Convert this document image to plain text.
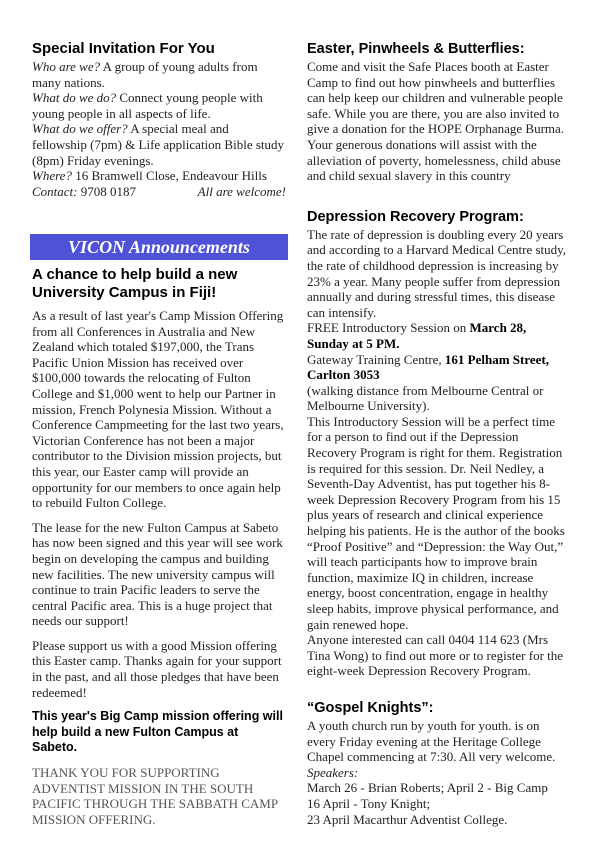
Special Invitation For You

Who are we? A group of young adults from many nations.

What do we do? Connect young people with young people in all aspects of life.

What do we offer? A special meal and fellowship (7pm) & Life application Bible study (8pm) Friday evenings.

Where? 16 Bramwell Close, Endeavour Hills

Contact: 9708 0187	All are welcome!

VICON Announcements
A chance to help build a new University Campus in Fiji!

As a result of last year's Camp Mission Offering from all Conferences in Australia and New Zealand which totaled $197,000, the Trans Pacific Union Mission has received over $100,000 towards the relocating of Fulton College and $1,000 went to help our Partner in mission, French Polynesia Mission. Without a Conference Campmeeting for the last two years, Victorian Conference has not been a major contributor to the Division mission projects, but this year, our Easter camp will provide an opportunity for our members to once again help to rebuild Fulton College.

The lease for the new Fulton Campus at Sabeto has now been signed and this year will see work begin on developing the campus and building new facilities. The new university campus will continue to train Pacific leaders to serve the central Pacific area. This is a huge project that needs our support!

Please support us with a good Mission offering this Easter camp. Thanks again for your support in the past, and all those pledges that have been redeemed!

This year's Big Camp mission offering will help build a new Fulton Campus at Sabeto.

THANK YOU FOR SUPPORTING ADVENTIST MISSION IN THE SOUTH PACIFIC THROUGH THE SABBATH CAMP MISSION OFFERING.

Easter, Pinwheels & Butterflies:

Come and visit the Safe Places booth at Easter Camp to find out how pinwheels and butterflies can help keep our children and vulnerable people safe. While you are there, you are also invited to give a donation for the HOPE Orphanage Burma. Your generous donations will assist with the alleviation of poverty, homelessness, child abuse and child sexual slavery in this country

Depression Recovery Program:

The rate of depression is doubling every 20 years and according to a Harvard Medical Centre study, the rate of childhood depression is increasing by 23% a year. Many people suffer from depression annually and during stressful times, this disease can intensify.

FREE Introductory Session on March 28, Sunday at 5 PM.

Gateway Training Centre, 161 Pelham Street, Carlton 3053

(walking distance from Melbourne Central or Melbourne University).

This Introductory Session will be a perfect time for a person to find out if the Depression Recovery Program is right for them. Registration is required for this session. Dr. Neil Nedley, a Seventh-Day Adventist, has put together his 8-week Depression Recovery Program from his 15 plus years of research and clinical experience helping his patients. He is the author of the books “Proof Positive” and “Depression: the Way Out,” will teach participants how to improve brain function, maximize IQ in children, increase energy, boost concentration, engage in healthy sleep habits, improve physical performance, and gain renewed hope.

Anyone interested can call 0404 114 623 (Mrs Tina Wong) to find out more or to register for the eight-week Depression Recovery Program.

“Gospel Knights”:

A youth church run by youth for youth. is on every Friday evening at the Heritage College Chapel commencing at 7:30. All very welcome.

Speakers:

March 26 - Brian Roberts; April 2 - Big Camp

16 April - Tony Knight;

23 April Macarthur Adventist College.
